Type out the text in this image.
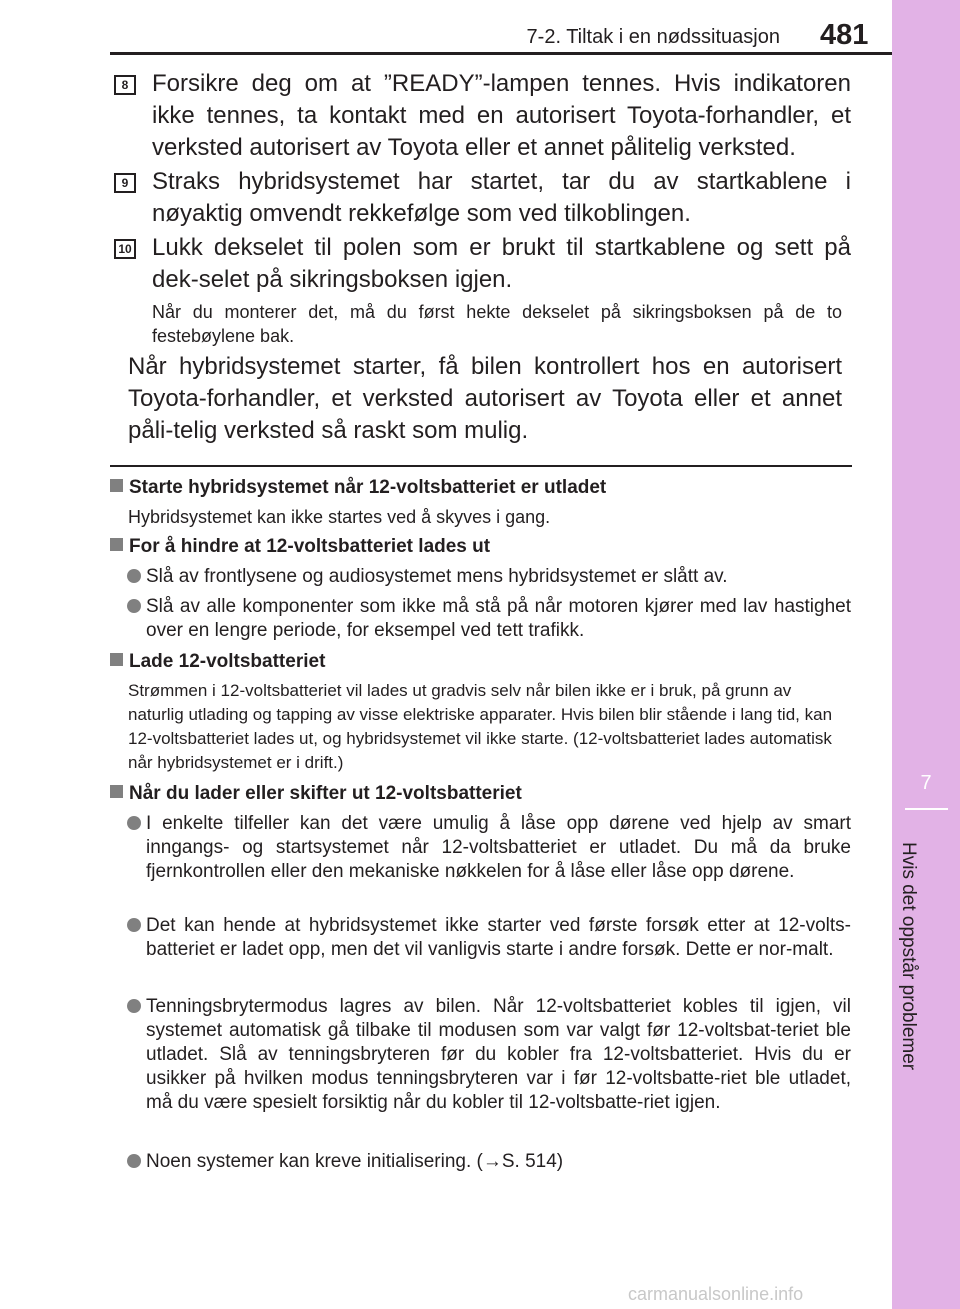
7-2. Tiltak i en nødssituasjon 481
7
Hvis det oppstår problemer
8 Forsikre deg om at ”READY”-lampen tennes. Hvis indikatoren ikke tennes, ta kontakt med en autorisert Toyota-forhandler, et verksted autorisert av Toyota eller et annet pålitelig verksted.
9 Straks hybridsystemet har startet, tar du av startkablene i nøyaktig omvendt rekkefølge som ved tilkoblingen.
10 Lukk dekselet til polen som er brukt til startkablene og sett på dek-selet på sikringsboksen igjen.
Når du monterer det, må du først hekte dekselet på sikringsboksen på de to festebøylene bak.
Når hybridsystemet starter, få bilen kontrollert hos en autorisert Toyota-forhandler, et verksted autorisert av Toyota eller et annet påli-telig verksted så raskt som mulig.
Starte hybridsystemet når 12-voltsbatteriet er utladet
Hybridsystemet kan ikke startes ved å skyves i gang.
For å hindre at 12-voltsbatteriet lades ut
Slå av frontlysene og audiosystemet mens hybridsystemet er slått av.
Slå av alle komponenter som ikke må stå på når motoren kjører med lav hastighet over en lengre periode, for eksempel ved tett trafikk.
Lade 12-voltsbatteriet
Strømmen i 12-voltsbatteriet vil lades ut gradvis selv når bilen ikke er i bruk, på grunn av naturlig utlading og tapping av visse elektriske apparater. Hvis bilen blir stående i lang tid, kan 12-voltsbatteriet lades ut, og hybridsystemet vil ikke starte. (12-voltsbatteriet lades automatisk når hybridsystemet er i drift.)
Når du lader eller skifter ut 12-voltsbatteriet
I enkelte tilfeller kan det være umulig å låse opp dørene ved hjelp av smart inngangs- og startsystemet når 12-voltsbatteriet er utladet. Du må da bruke fjernkontrollen eller den mekaniske nøkkelen for å låse eller låse opp dørene.
Det kan hende at hybridsystemet ikke starter ved første forsøk etter at 12-volts-batteriet er ladet opp, men det vil vanligvis starte i andre forsøk. Dette er nor-malt.
Tenningsbrytermodus lagres av bilen. Når 12-voltsbatteriet kobles til igjen, vil systemet automatisk gå tilbake til modusen som var valgt før 12-voltsbat-teriet ble utladet. Slå av tenningsbryteren før du kobler fra 12-voltsbatteriet. Hvis du er usikker på hvilken modus tenningsbryteren var i før 12-voltsbatte-riet ble utladet, må du være spesielt forsiktig når du kobler til 12-voltsbatte-riet igjen.
Noen systemer kan kreve initialisering. (→S. 514)
carmanualsonline.info
